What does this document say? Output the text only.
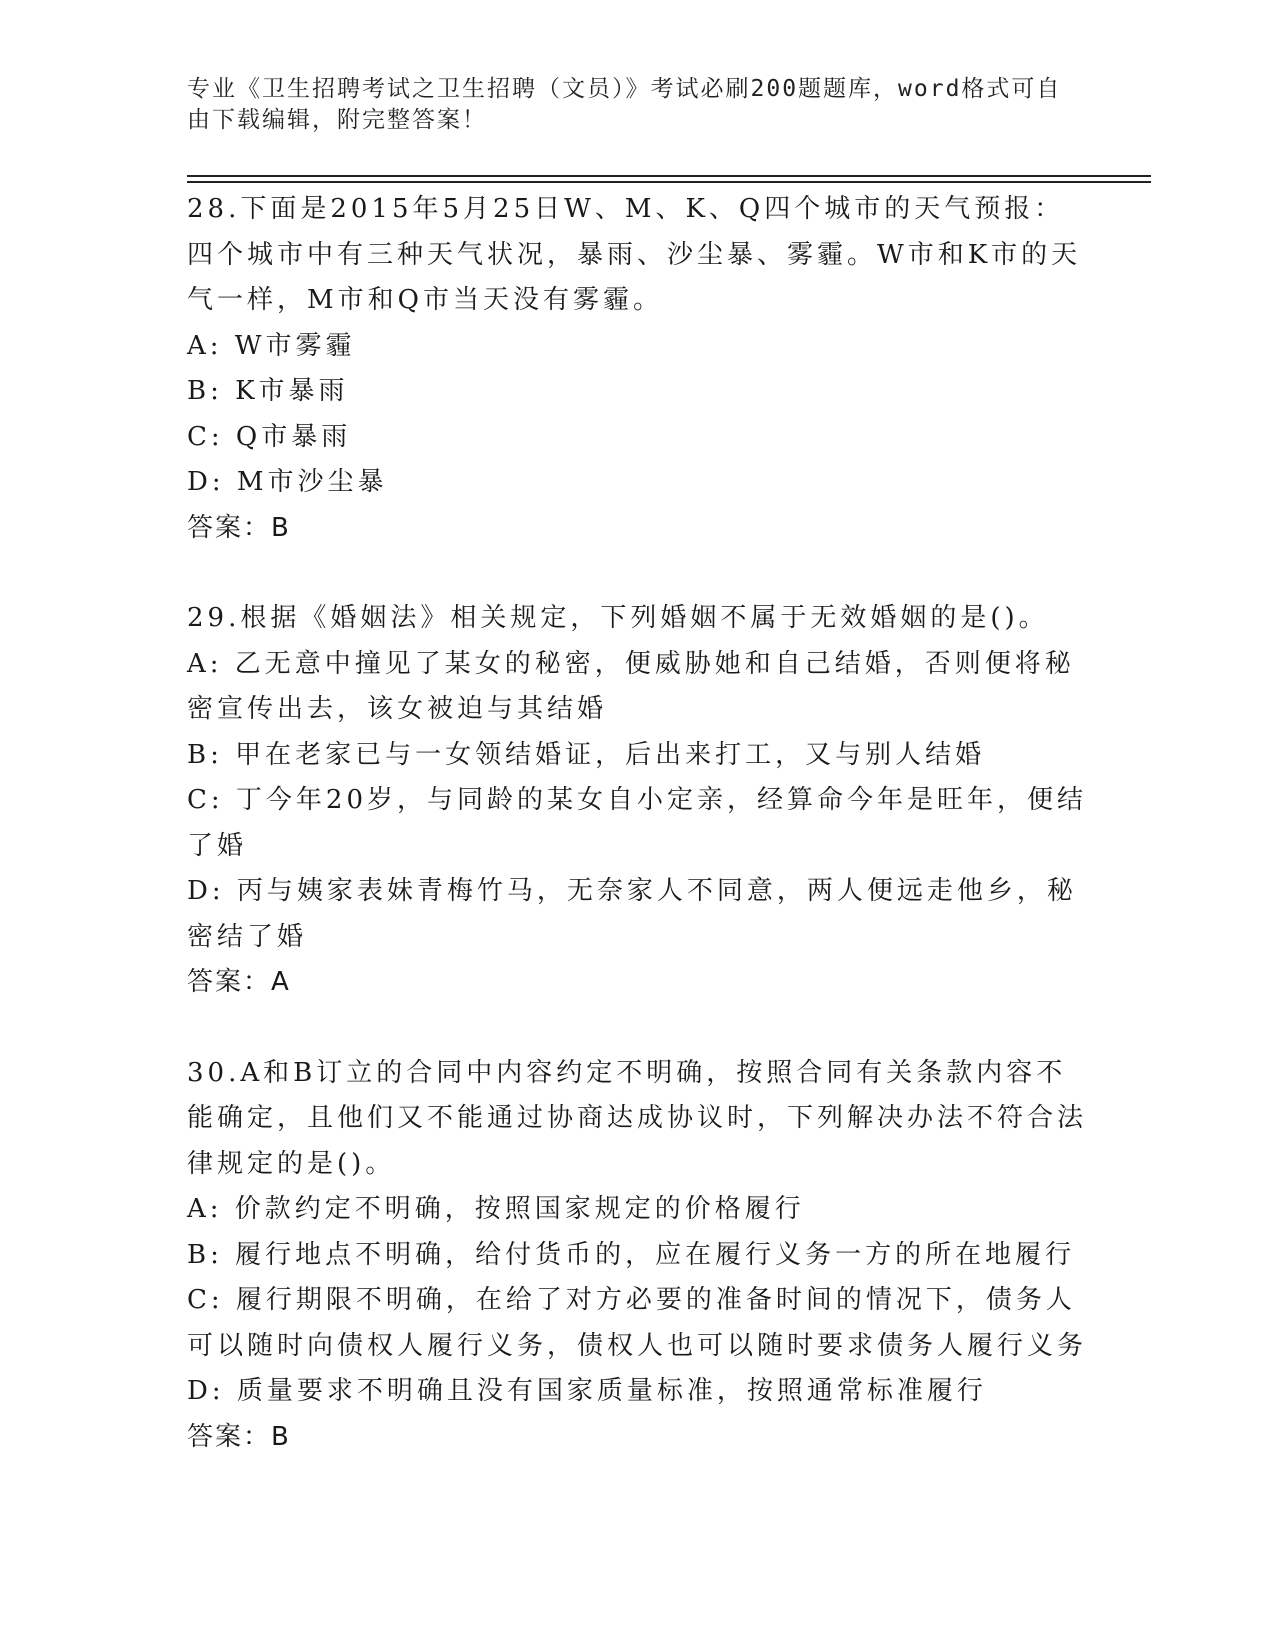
专业《卫生招聘考试之卫生招聘（文员）》考试必刷200题题库，word格式可自由下载编辑，附完整答案！
28.下面是2015年5月25日W、M、K、Q四个城市的天气预报：四个城市中有三种天气状况，暴雨、沙尘暴、雾霾。W市和K市的天气一样，M市和Q市当天没有雾霾。
A: W市雾霾
B: K市暴雨
C: Q市暴雨
D: M市沙尘暴
答案：B
29.根据《婚姻法》相关规定，下列婚姻不属于无效婚姻的是()。
A: 乙无意中撞见了某女的秘密，便威胁她和自己结婚，否则便将秘密宣传出去，该女被迫与其结婚
B: 甲在老家已与一女领结婚证，后出来打工，又与别人结婚
C: 丁今年20岁，与同龄的某女自小定亲，经算命今年是旺年，便结了婚
D: 丙与姨家表妹青梅竹马，无奈家人不同意，两人便远走他乡，秘密结了婚
答案：A
30.A和B订立的合同中内容约定不明确，按照合同有关条款内容不能确定，且他们又不能通过协商达成协议时，下列解决办法不符合法律规定的是()。
A: 价款约定不明确，按照国家规定的价格履行
B: 履行地点不明确，给付货币的，应在履行义务一方的所在地履行
C: 履行期限不明确，在给了对方必要的准备时间的情况下，债务人可以随时向债权人履行义务，债权人也可以随时要求债务人履行义务
D: 质量要求不明确且没有国家质量标准，按照通常标准履行
答案：B
